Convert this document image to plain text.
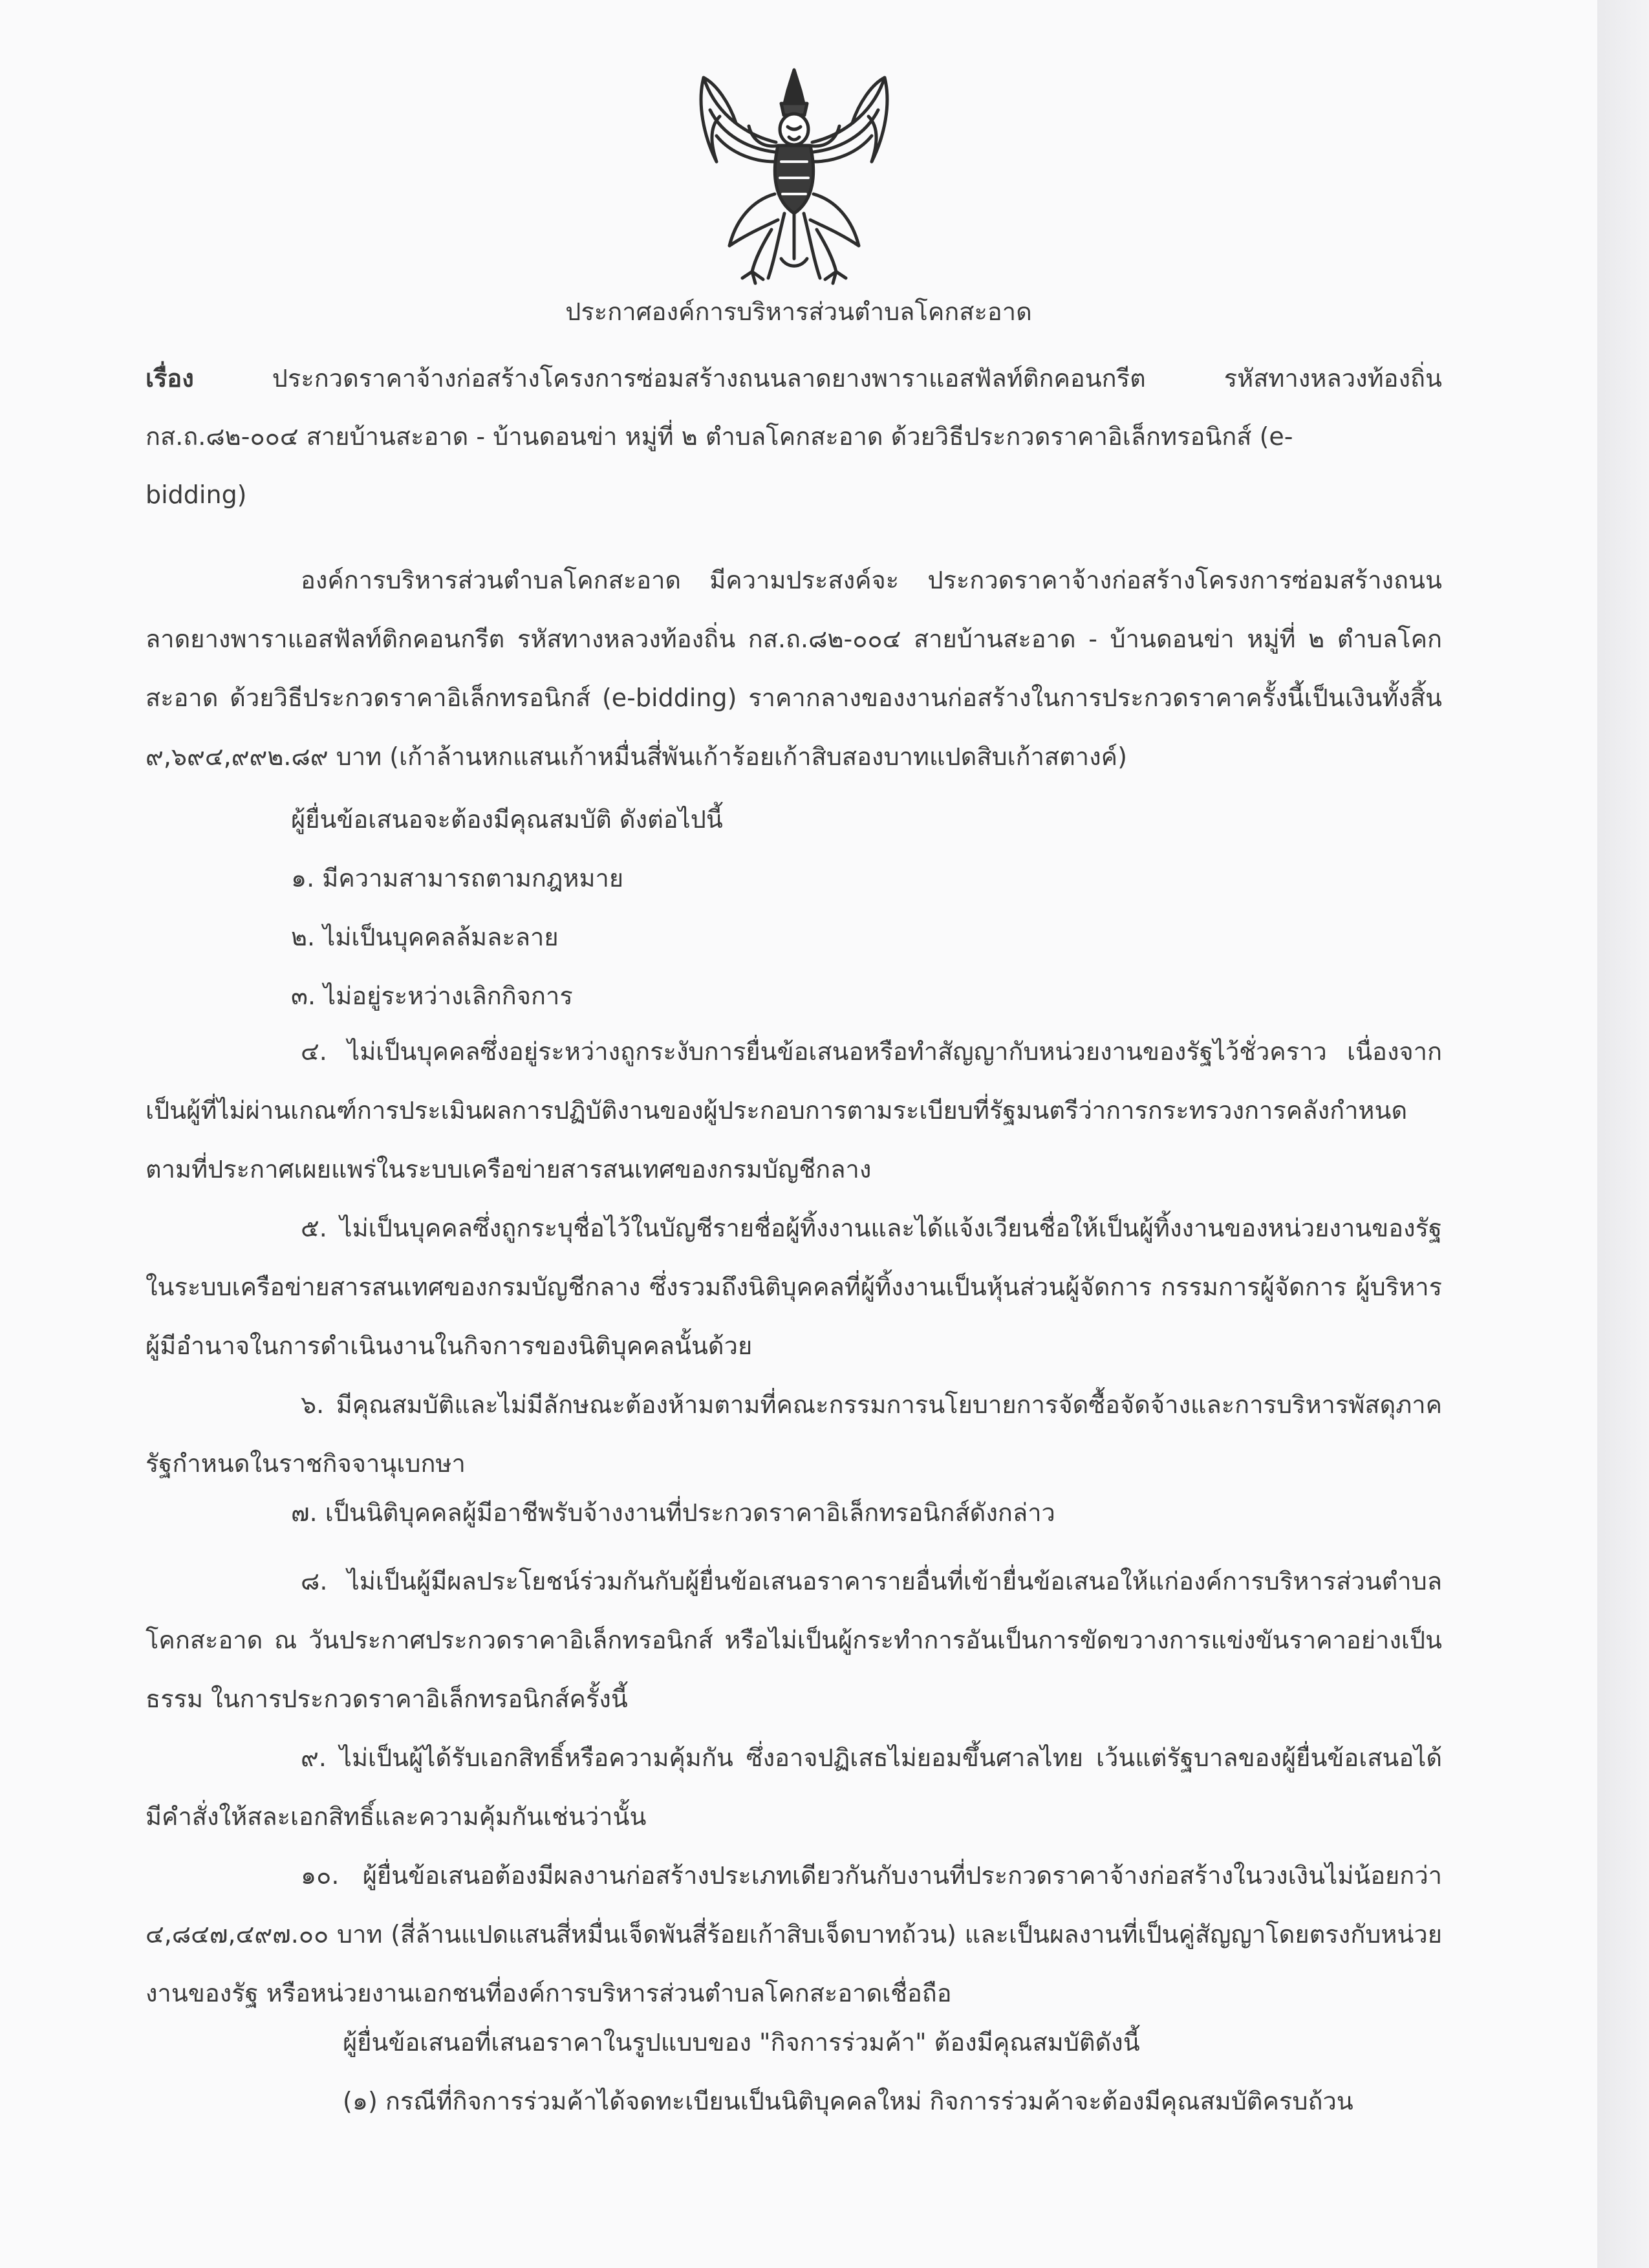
ประกาศองค์การบริหารส่วนตำบลโคกสะอาด

เรื่อง	ประกวดราคาจ้างก่อสร้างโครงการซ่อมสร้างถนนลาดยางพาราแอสฟัลท์ติกคอนกรีต รหัสทางหลวงท้องถิ่น กส.ถ.๘๒-๐๐๔ สายบ้านสะอาด - บ้านดอนข่า หมู่ที่ ๒ ตำบลโคกสะอาด ด้วยวิธีประกวดราคาอิเล็กทรอนิกส์ (e-
bidding)

องค์การบริหารส่วนตำบลโคกสะอาด มีความประสงค์จะ ประกวดราคาจ้างก่อสร้างโครงการซ่อมสร้างถนนลาดยางพาราแอสฟัลท์ติกคอนกรีต รหัสทางหลวงท้องถิ่น กส.ถ.๘๒-๐๐๔ สายบ้านสะอาด - บ้านดอนข่า หมู่ที่ ๒ ตำบลโคกสะอาด ด้วยวิธีประกวดราคาอิเล็กทรอนิกส์ (e-bidding) ราคากลางของงานก่อสร้างในการประกวดราคาครั้งนี้เป็นเงินทั้งสิ้น ๙,๖๙๔,๙๙๒.๘๙ บาท (เก้าล้านหกแสนเก้าหมื่นสี่พันเก้าร้อยเก้าสิบสองบาทแปดสิบเก้าสตางค์)

ผู้ยื่นข้อเสนอจะต้องมีคุณสมบัติ ดังต่อไปนี้

๑. มีความสามารถตามกฎหมาย

๒. ไม่เป็นบุคคลล้มละลาย

๓. ไม่อยู่ระหว่างเลิกกิจการ

๔. ไม่เป็นบุคคลซึ่งอยู่ระหว่างถูกระงับการยื่นข้อเสนอหรือทำสัญญากับหน่วยงานของรัฐไว้ชั่วคราว เนื่องจากเป็นผู้ที่ไม่ผ่านเกณฑ์การประเมินผลการปฏิบัติงานของผู้ประกอบการตามระเบียบที่รัฐมนตรีว่าการกระทรวงการคลังกำหนดตามที่ประกาศเผยแพร่ในระบบเครือข่ายสารสนเทศของกรมบัญชีกลาง

๕. ไม่เป็นบุคคลซึ่งถูกระบุชื่อไว้ในบัญชีรายชื่อผู้ทิ้งงานและได้แจ้งเวียนชื่อให้เป็นผู้ทิ้งงานของหน่วยงานของรัฐในระบบเครือข่ายสารสนเทศของกรมบัญชีกลาง ซึ่งรวมถึงนิติบุคคลที่ผู้ทิ้งงานเป็นหุ้นส่วนผู้จัดการ กรรมการผู้จัดการ ผู้บริหาร ผู้มีอำนาจในการดำเนินงานในกิจการของนิติบุคคลนั้นด้วย

๖. มีคุณสมบัติและไม่มีลักษณะต้องห้ามตามที่คณะกรรมการนโยบายการจัดซื้อจัดจ้างและการบริหารพัสดุภาครัฐกำหนดในราชกิจจานุเบกษา

๗. เป็นนิติบุคคลผู้มีอาชีพรับจ้างงานที่ประกวดราคาอิเล็กทรอนิกส์ดังกล่าว

๘. ไม่เป็นผู้มีผลประโยชน์ร่วมกันกับผู้ยื่นข้อเสนอราคารายอื่นที่เข้ายื่นข้อเสนอให้แก่องค์การบริหารส่วนตำบลโคกสะอาด ณ วันประกาศประกวดราคาอิเล็กทรอนิกส์ หรือไม่เป็นผู้กระทำการอันเป็นการขัดขวางการแข่งขันราคาอย่างเป็นธรรม ในการประกวดราคาอิเล็กทรอนิกส์ครั้งนี้

๙. ไม่เป็นผู้ได้รับเอกสิทธิ์หรือความคุ้มกัน ซึ่งอาจปฏิเสธไม่ยอมขึ้นศาลไทย เว้นแต่รัฐบาลของผู้ยื่นข้อเสนอได้มีคำสั่งให้สละเอกสิทธิ์และความคุ้มกันเช่นว่านั้น

๑๐. ผู้ยื่นข้อเสนอต้องมีผลงานก่อสร้างประเภทเดียวกันกับงานที่ประกวดราคาจ้างก่อสร้างในวงเงินไม่น้อยกว่า ๔,๘๔๗,๔๙๗.๐๐ บาท (สี่ล้านแปดแสนสี่หมื่นเจ็ดพันสี่ร้อยเก้าสิบเจ็ดบาทถ้วน) และเป็นผลงานที่เป็นคู่สัญญาโดยตรงกับหน่วยงานของรัฐ หรือหน่วยงานเอกชนที่องค์การบริหารส่วนตำบลโคกสะอาดเชื่อถือ

ผู้ยื่นข้อเสนอที่เสนอราคาในรูปแบบของ "กิจการร่วมค้า" ต้องมีคุณสมบัติดังนี้

(๑) กรณีที่กิจการร่วมค้าได้จดทะเบียนเป็นนิติบุคคลใหม่ กิจการร่วมค้าจะต้องมีคุณสมบัติครบถ้วน
